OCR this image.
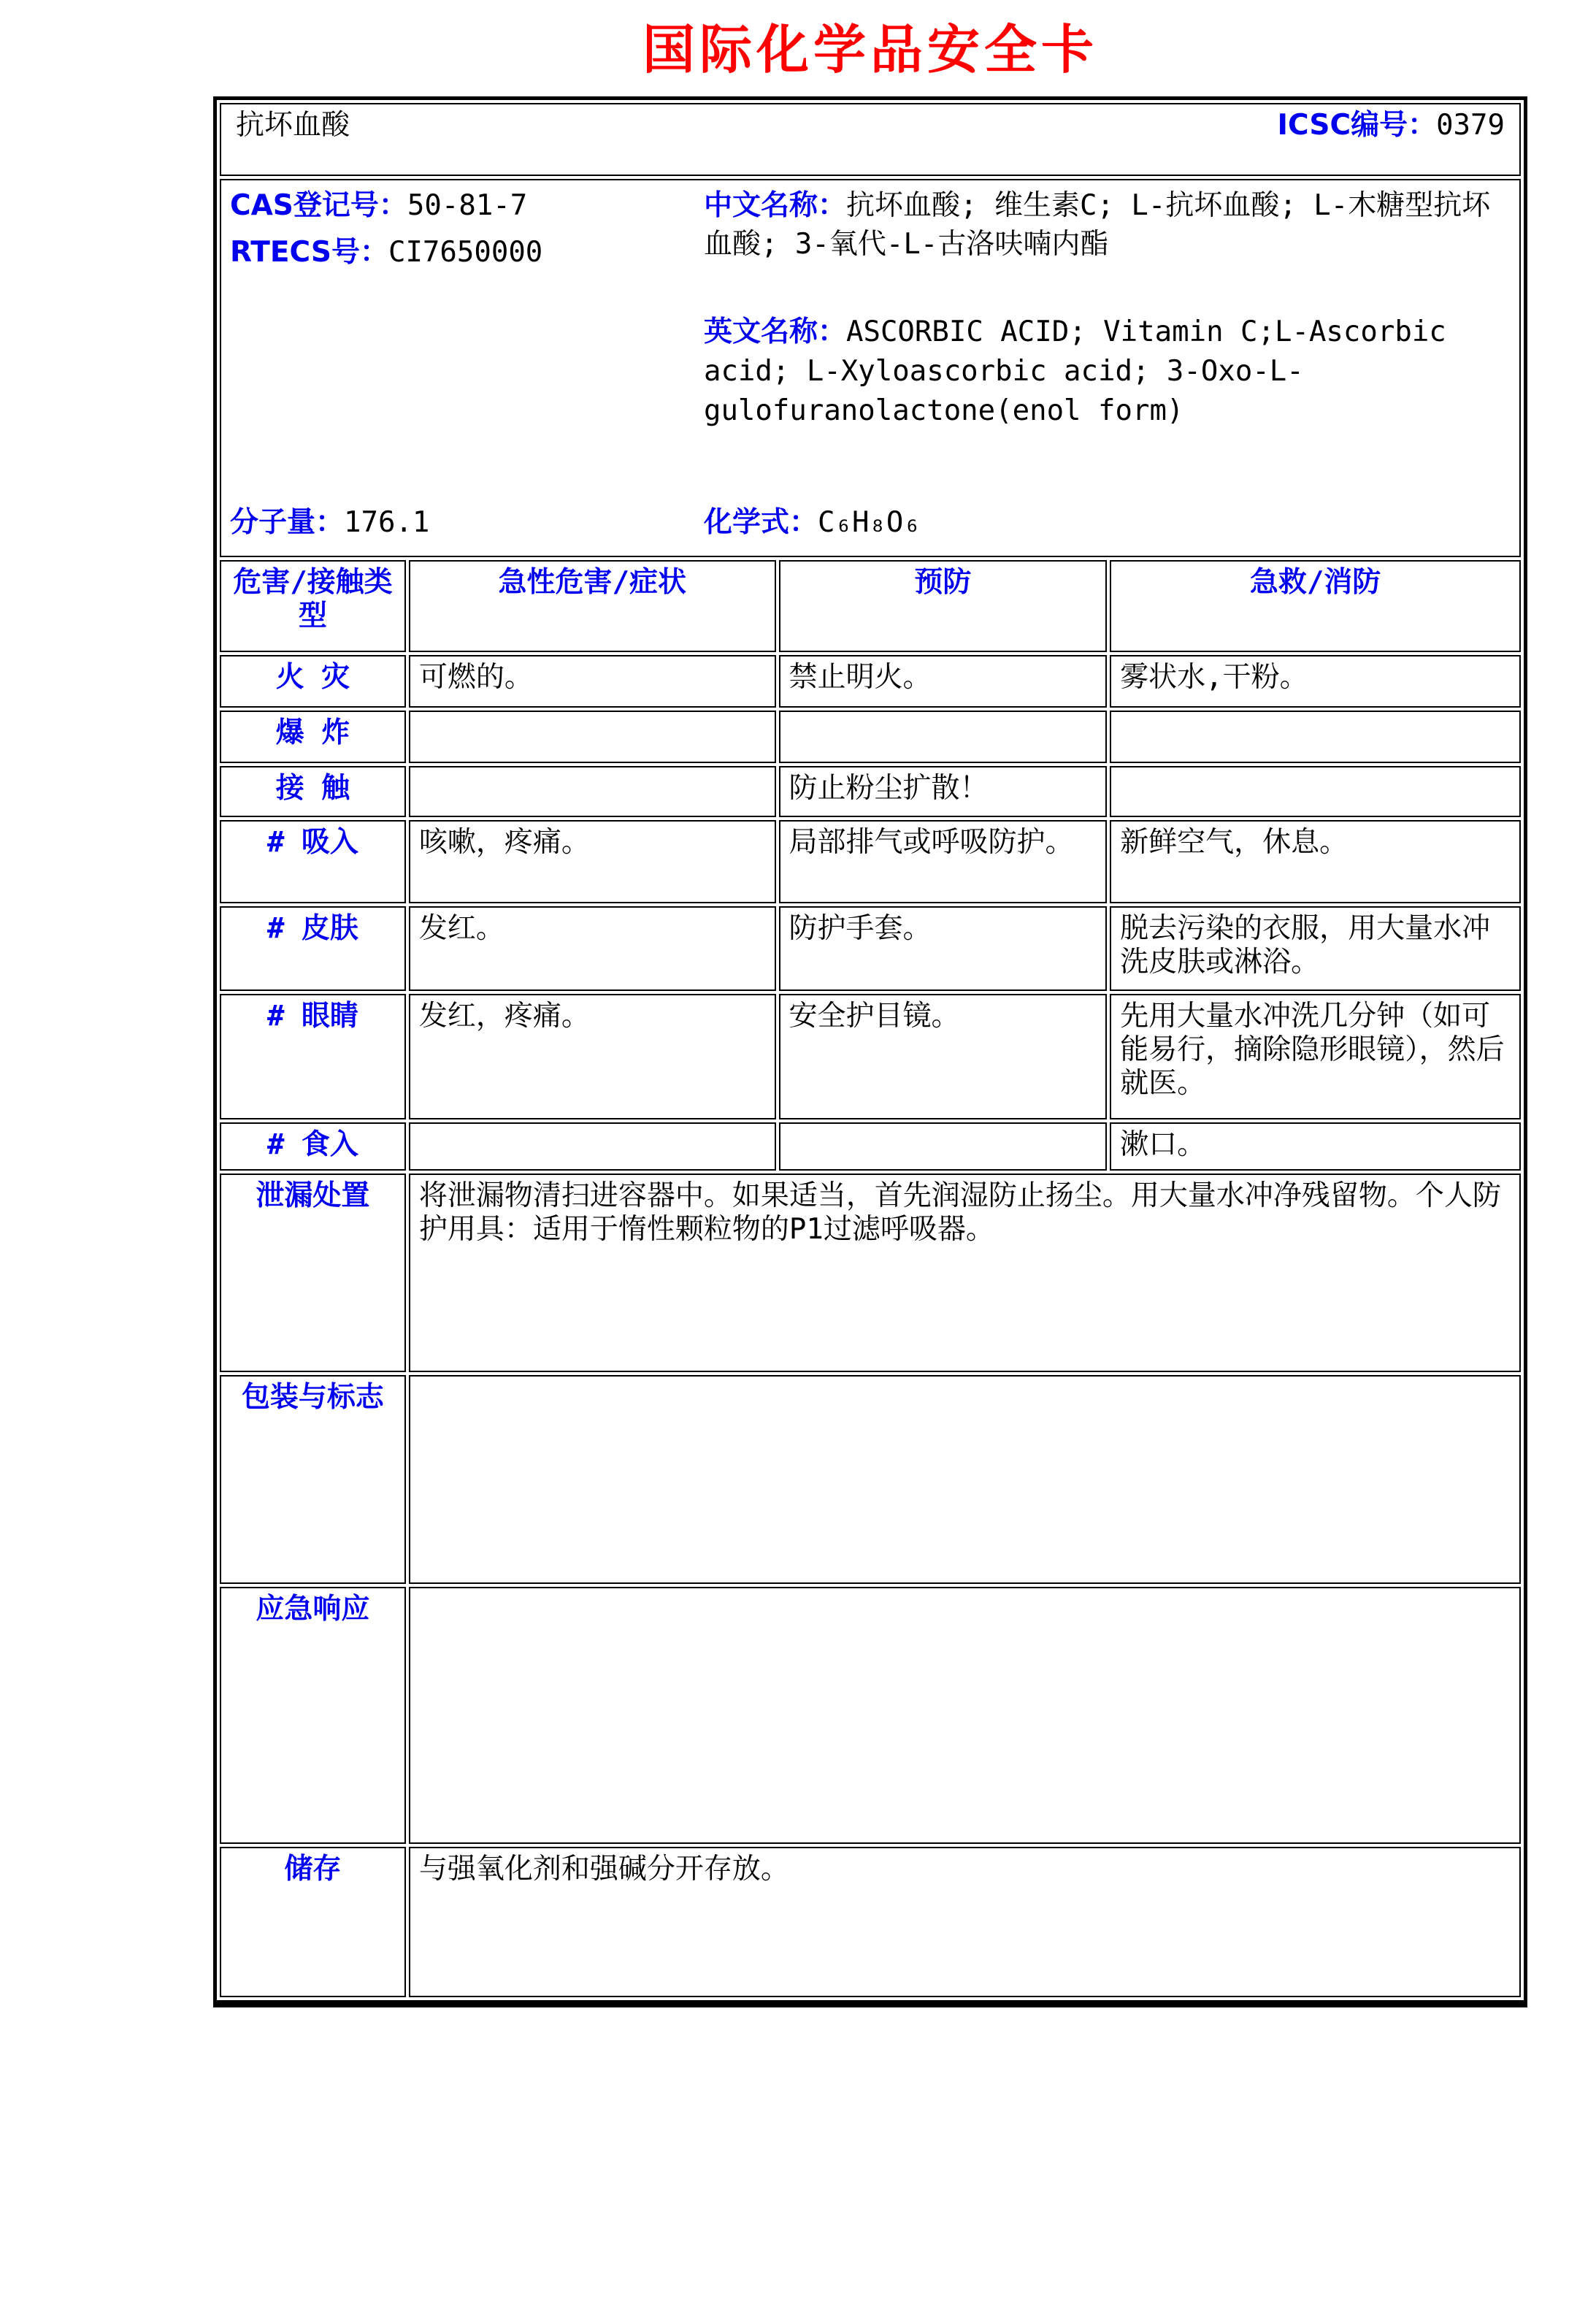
国际化学品安全卡
抗坏血酸 ICSC编号：0379			

CAS登记号：50-81-7

RTECS号：CI7650000

中文名称：抗坏血酸; 维生素C; L-抗坏血酸; L-木糖型抗坏血酸; 3-氧代-L-古洛呋喃内酯

英文名称：ASCORBIC ACID; Vitamin C;L-Ascorbic acid; L-Xyloascorbic acid; 3-Oxo-L-gulofuranolactone(enol form)

分子量：176.1	化学式：C₆H₈O₆

危害/接触类型	急性危害/症状	预防	急救/消防
火 灾	可燃的。	禁止明火。	雾状水,干粉。
爆 炸			
接 触		防止粉尘扩散！	
# 吸入	咳嗽，疼痛。	局部排气或呼吸防护。	新鲜空气，休息。
# 皮肤	发红。	防护手套。	脱去污染的衣服，用大量水冲洗皮肤或淋浴。
# 眼睛	发红，疼痛。	安全护目镜。	先用大量水冲洗几分钟（如可能易行，摘除隐形眼镜），然后就医。
# 食入			漱口。
泄漏处置	将泄漏物清扫进容器中。如果适当，首先润湿防止扬尘。用大量水冲净残留物。个人防护用具：适用于惰性颗粒物的P1过滤呼吸器。		
包装与标志			
应急响应			
储存	与强氧化剂和强碱分开存放。		
